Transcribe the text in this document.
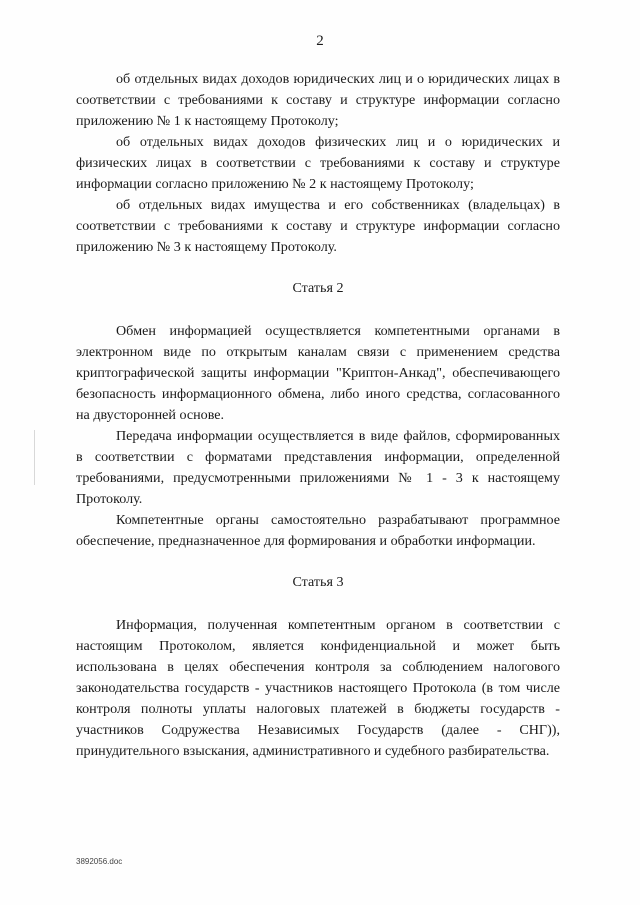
2

об отдельных видах доходов юридических лиц и о юридических лицах в соответствии с требованиями к составу и структуре информации согласно приложению № 1 к настоящему Протоколу;

об отдельных видах доходов физических лиц и о юридических и физических лицах в соответствии с требованиями к составу и структуре информации согласно приложению № 2 к настоящему Протоколу;

об отдельных видах имущества и его собственниках (владельцах) в соответствии с требованиями к составу и структуре информации согласно приложению № 3 к настоящему Протоколу.

Статья 2

Обмен информацией осуществляется компетентными органами в электронном виде по открытым каналам связи с применением средства криптографической защиты информации "Криптон-Анкад", обеспечивающего безопасность информационного обмена, либо иного средства, согласованного на двусторонней основе.

Передача информации осуществляется в виде файлов, сформированных в соответствии с форматами представления информации, определенной требованиями, предусмотренными приложениями № 1 - 3 к настоящему Протоколу.

Компетентные органы самостоятельно разрабатывают программное обеспечение, предназначенное для формирования и обработки информации.

Статья 3

Информация, полученная компетентным органом в соответствии с настоящим Протоколом, является конфиденциальной и может быть использована в целях обеспечения контроля за соблюдением налогового законодательства государств - участников настоящего Протокола (в том числе контроля полноты уплаты налоговых платежей в бюджеты государств - участников Содружества Независимых Государств (далее - СНГ)), принудительного взыскания, административного и судебного разбирательства.

3892056.doc
